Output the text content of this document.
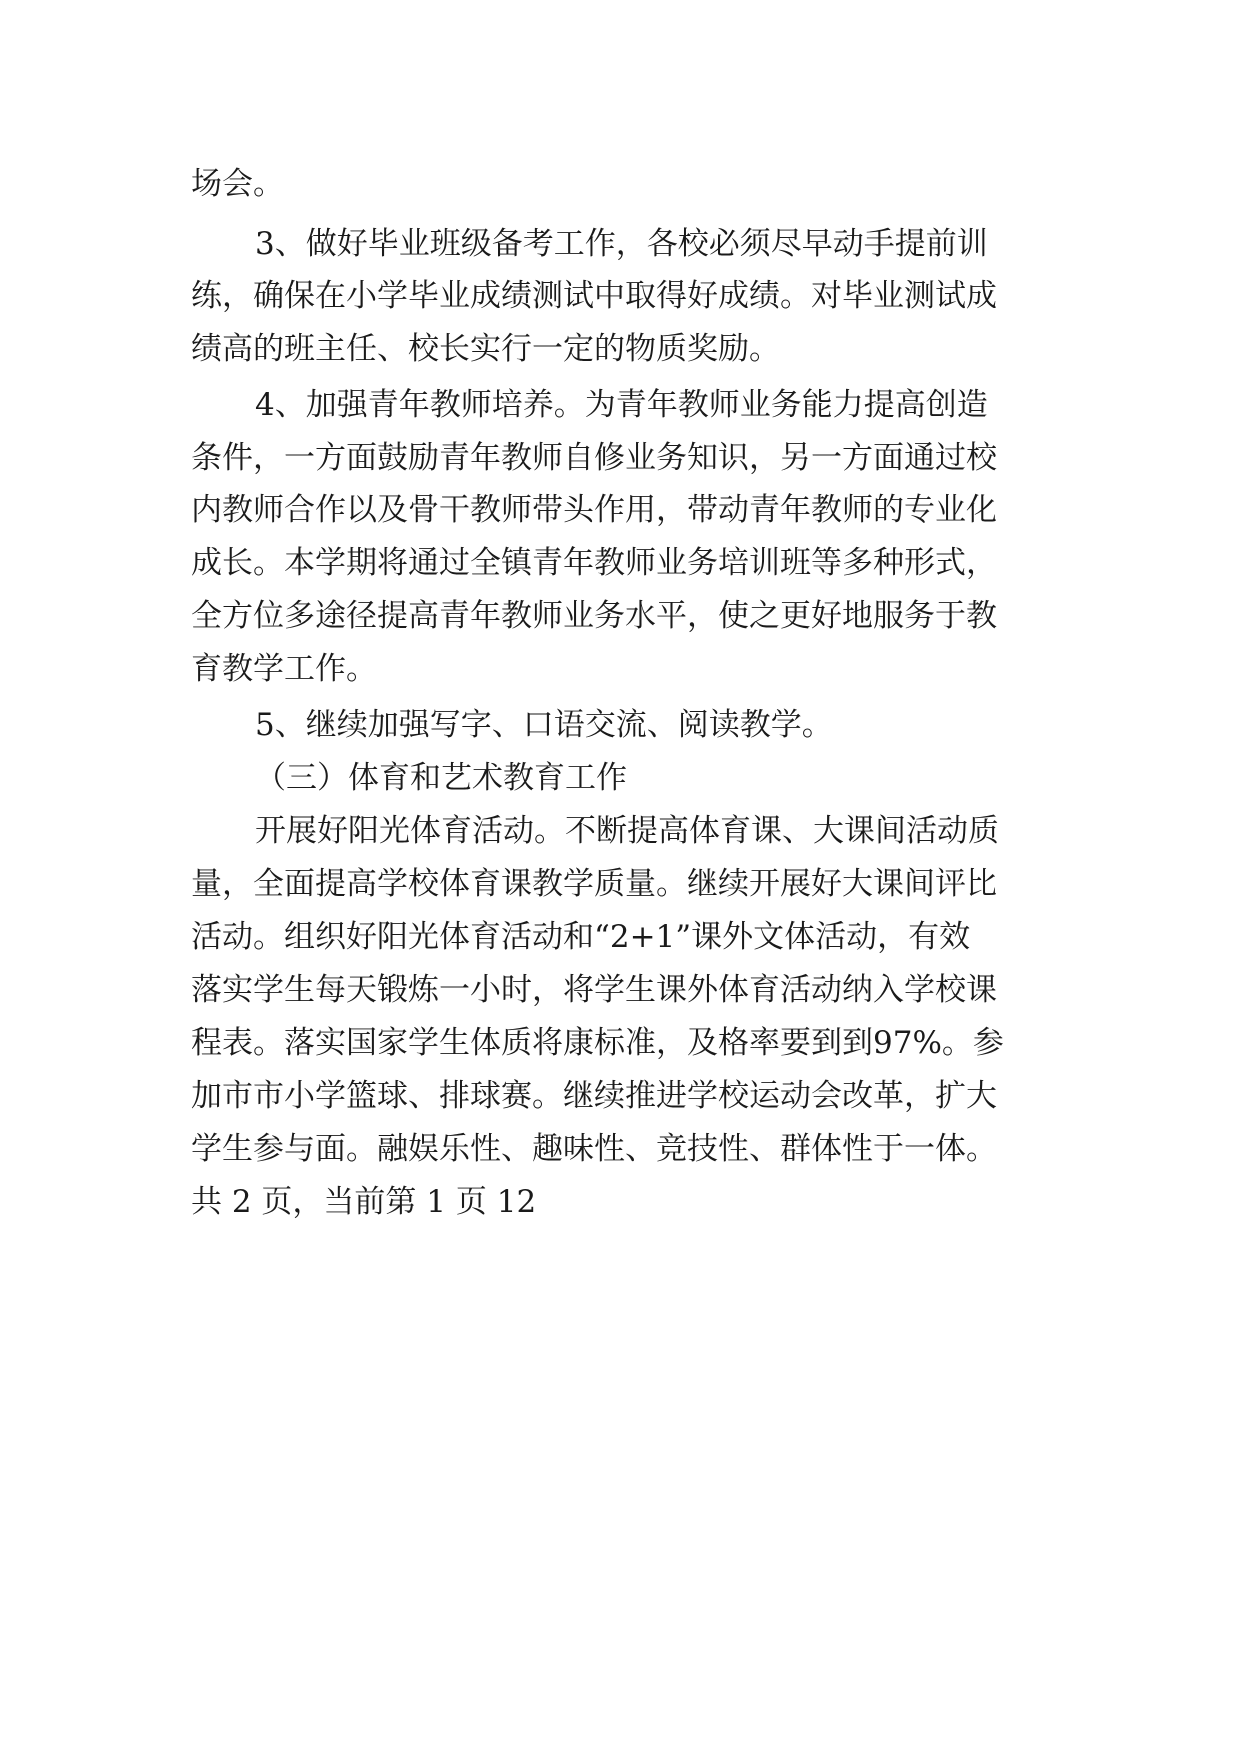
场会。
3、做好毕业班级备考工作，各校必须尽早动手提前训
练，确保在小学毕业成绩测试中取得好成绩。对毕业测试成
绩高的班主任、校长实行一定的物质奖励。
4、加强青年教师培养。为青年教师业务能力提高创造
条件，一方面鼓励青年教师自修业务知识，另一方面通过校
内教师合作以及骨干教师带头作用，带动青年教师的专业化
成长。本学期将通过全镇青年教师业务培训班等多种形式，
全方位多途径提高青年教师业务水平，使之更好地服务于教
育教学工作。
5、继续加强写字、口语交流、阅读教学。
（三）体育和艺术教育工作
开展好阳光体育活动。不断提高体育课、大课间活动质
量，全面提高学校体育课教学质量。继续开展好大课间评比
活动。组织好阳光体育活动和“2+1”课外文体活动，有效
落实学生每天锻炼一小时，将学生课外体育活动纳入学校课
程表。落实国家学生体质将康标准，及格率要到到97%。参
加市市小学篮球、排球赛。继续推进学校运动会改革，扩大
学生参与面。融娱乐性、趣味性、竞技性、群体性于一体。
共 2 页，当前第 1 页 12
